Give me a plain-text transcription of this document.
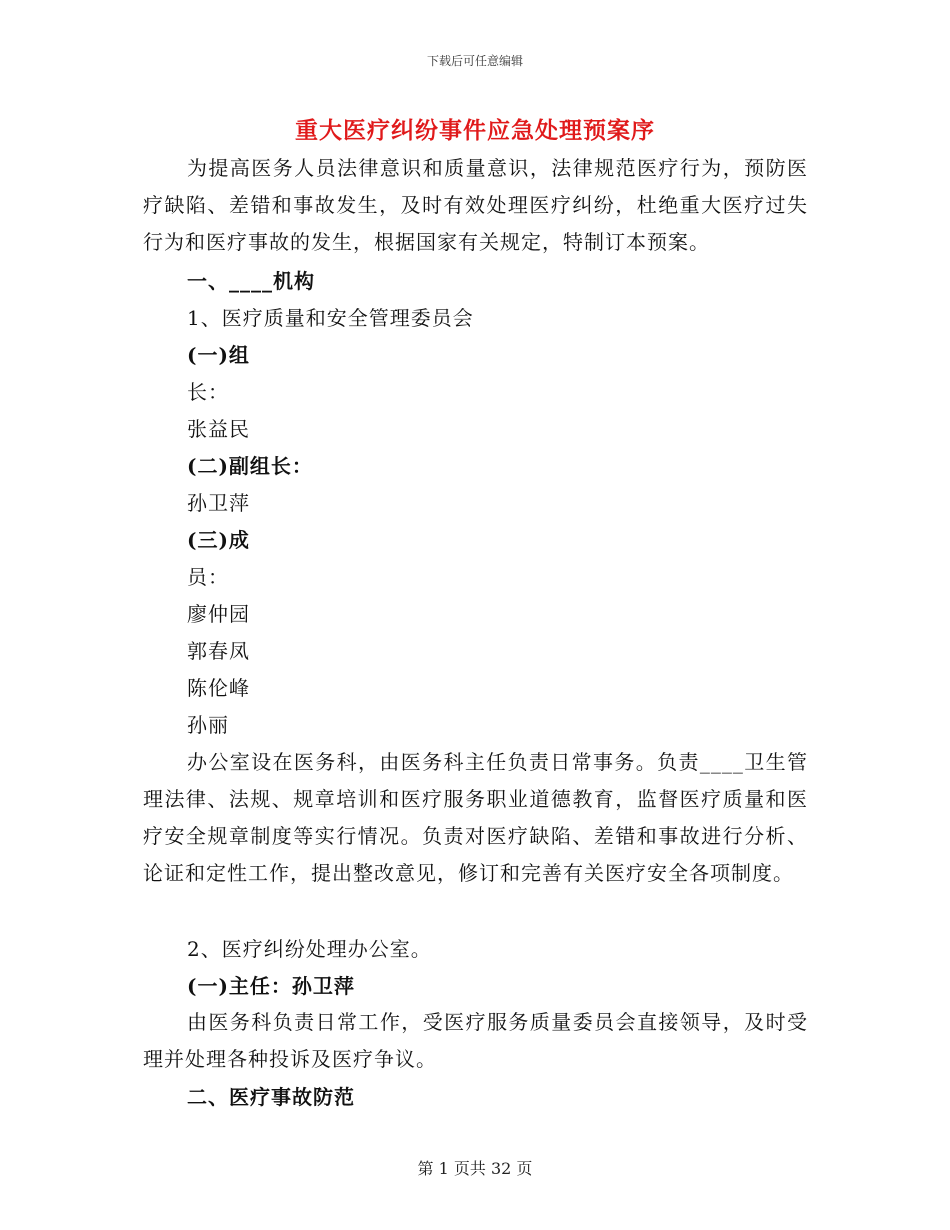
下载后可任意编辑
重大医疗纠纷事件应急处理预案序
为提高医务人员法律意识和质量意识，法律规范医疗行为，预防医疗缺陷、差错和事故发生，及时有效处理医疗纠纷，杜绝重大医疗过失行为和医疗事故的发生，根据国家有关规定，特制订本预案。
一、____机构
1、医疗质量和安全管理委员会
(一)组
长：
张益民
(二)副组长：
孙卫萍
(三)成
员：
廖仲园
郭春凤
陈伦峰
孙丽
办公室设在医务科，由医务科主任负责日常事务。负责____卫生管理法律、法规、规章培训和医疗服务职业道德教育，监督医疗质量和医疗安全规章制度等实行情况。负责对医疗缺陷、差错和事故进行分析、论证和定性工作，提出整改意见，修订和完善有关医疗安全各项制度。
2、医疗纠纷处理办公室。
(一)主任：孙卫萍
由医务科负责日常工作，受医疗服务质量委员会直接领导，及时受理并处理各种投诉及医疗争议。
二、医疗事故防范
第 1 页共 32 页
